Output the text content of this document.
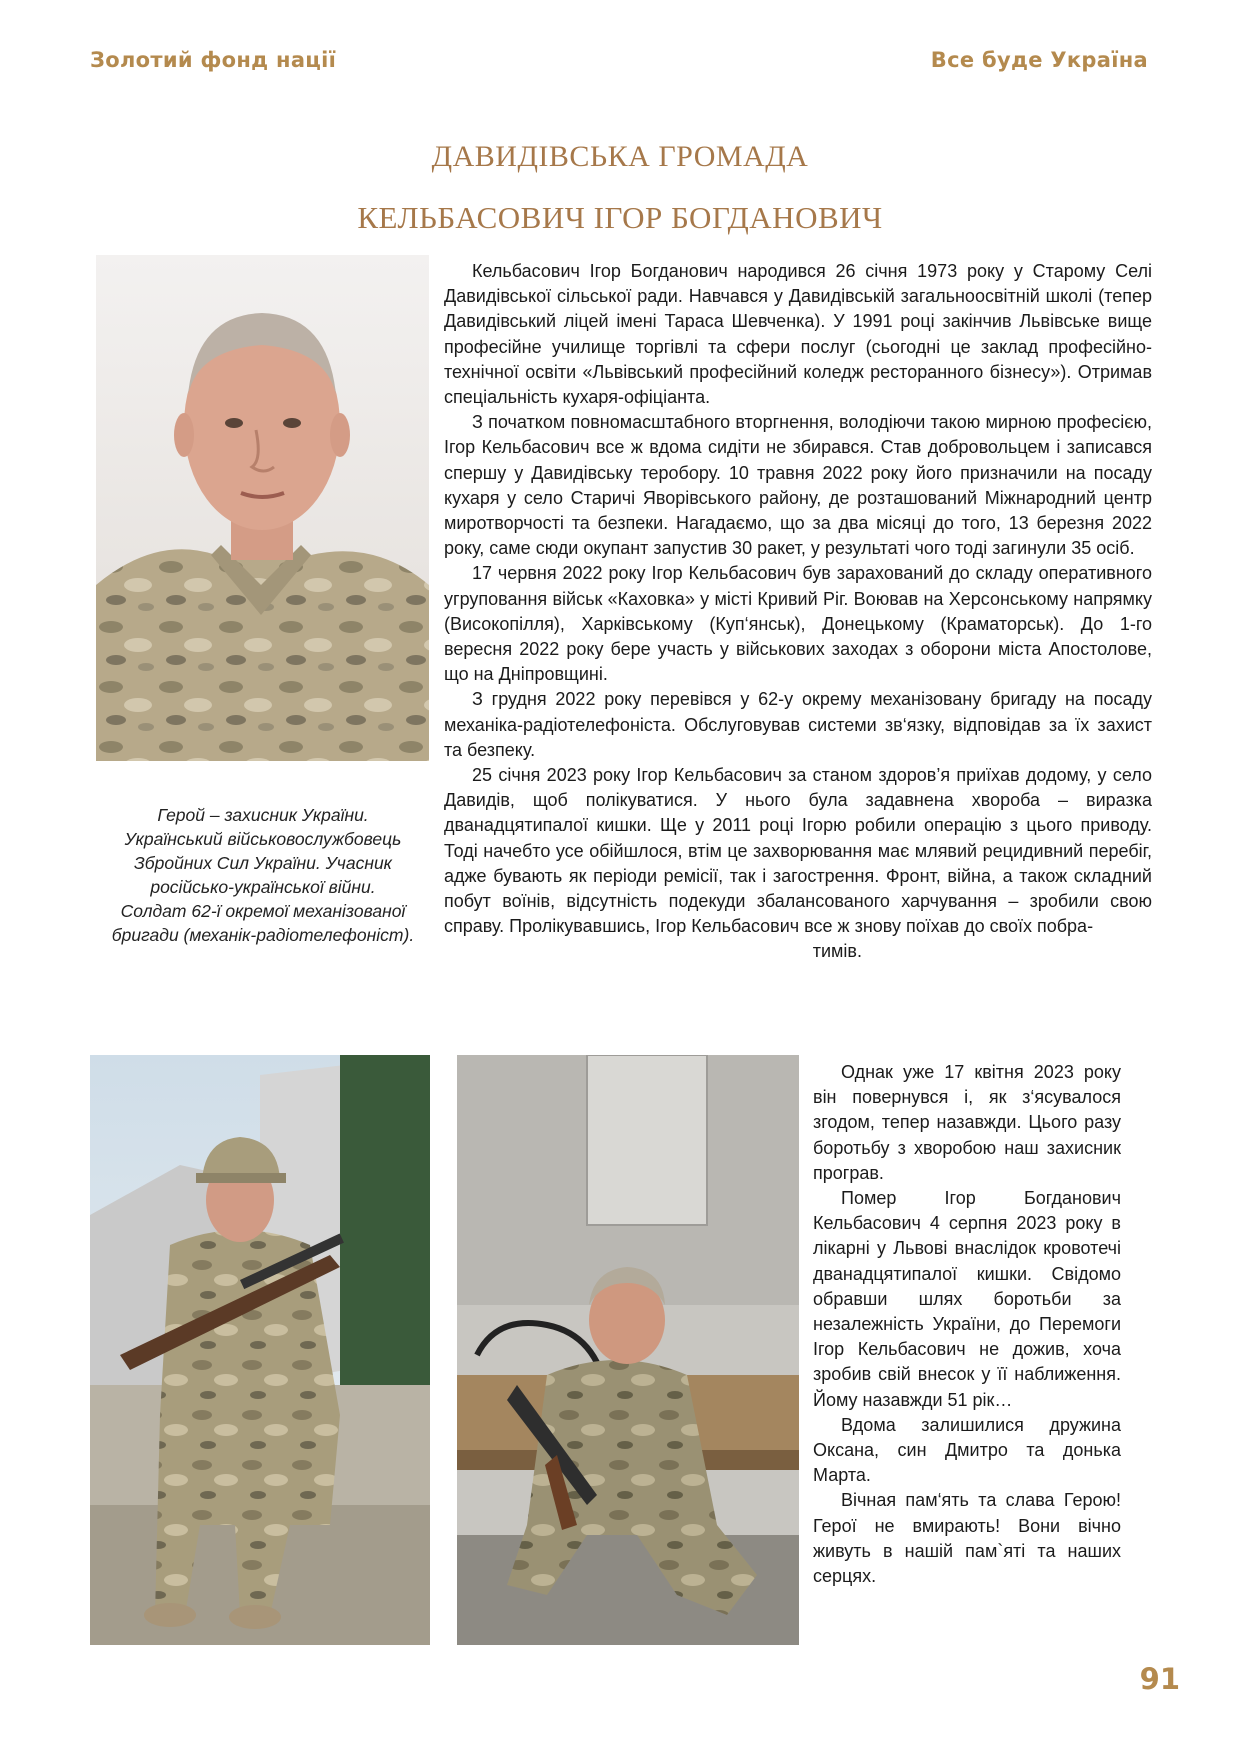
Золотий фонд нації	Все буде Україна
ДАВИДІВСЬКА ГРОМАДА
КЕЛЬБАСОВИЧ ІГОР БОГДАНОВИЧ
Герой – захисник України.
Український військовослужбовець
Збройних Сил України. Учасник
російсько-української війни.
Солдат 62-ї окремої механізованої
бригади (механік-радіотелефоніст).

Кельбасович Ігор Богданович народився 26 січня 1973 року у Старому Селі Давидівської сільської ради. Навчався у Давидівській загальноосвітній школі (тепер Давидівський ліцей імені Тараса Шевченка). У 1991 році закінчив Львівське вище професійне училище торгівлі та сфери послуг (сьогодні це заклад професійно-технічної освіти «Львівський професійний коледж ресторанного бізнесу»). Отримав спеціальність кухаря-офіціанта.

З початком повномасштабного вторгнення, володіючи такою мирною професією, Ігор Кельбасович все ж вдома сидіти не збирався. Став добровольцем і записався спершу у Давидівську теробору. 10 травня 2022 року його призначили на посаду кухаря у село Старичі Яворівського району, де розташований Міжнародний центр миротворчості та безпеки. Нагадаємо, що за два місяці до того, 13 березня 2022 року, саме сюди окупант запустив 30 ракет, у результаті чого тоді загинули 35 осіб.

17 червня 2022 року Ігор Кельбасович був зарахований до складу оперативного угруповання військ «Каховка» у місті Кривий Ріг. Воював на Херсонському напрямку (Високопілля), Харківському (Куп‘янськ), Донецькому (Краматорськ). До 1-го вересня 2022 року бере участь у військових заходах з оборони міста Апостолове, що на Дніпровщині.

З грудня 2022 року перевівся у 62-у окрему механізовану бригаду на посаду механіка-радіотелефоніста. Обслуговував системи зв‘язку, відповідав за їх захист та безпеку.

25 січня 2023 року Ігор Кельбасович за станом здоров’я приїхав додому, у село Давидів, щоб полікуватися. У нього була задавнена хвороба – виразка дванадцятипалої кишки. Ще у 2011 році Ігорю робили операцію з цього приводу. Тоді начебто усе обійшлося, втім це захворювання має млявий рецидивний перебіг, адже бувають як періоди ремісії, так і загострення. Фронт, війна, а також складний побут воїнів, відсутність подекуди збалансованого харчування – зробили свою справу. Пролікувавшись, Ігор Кельбасович все ж знову поїхав до своїх побра-

тимів.

Однак уже 17 квітня 2023 року він повернувся і, як з‘ясувалося згодом, тепер назавжди. Цього разу боротьбу з хворобою наш захисник програв.

Помер Ігор Богданович Кельбасович 4 серпня 2023 року в лікарні у Львові внаслідок кровотечі дванадцятипалої кишки. Свідомо обравши шлях боротьби за незалежність України, до Перемоги Ігор Кельбасович не дожив, хоча зробив свій внесок у її наближення. Йому назавжди 51 рік…

Вдома залишилися дружина Оксана, син Дмитро та донька Марта.

Вічная пам‘ять та слава Герою! Герої не вмирають! Вони вічно живуть в нашій пам`яті та наших серцях.

91
